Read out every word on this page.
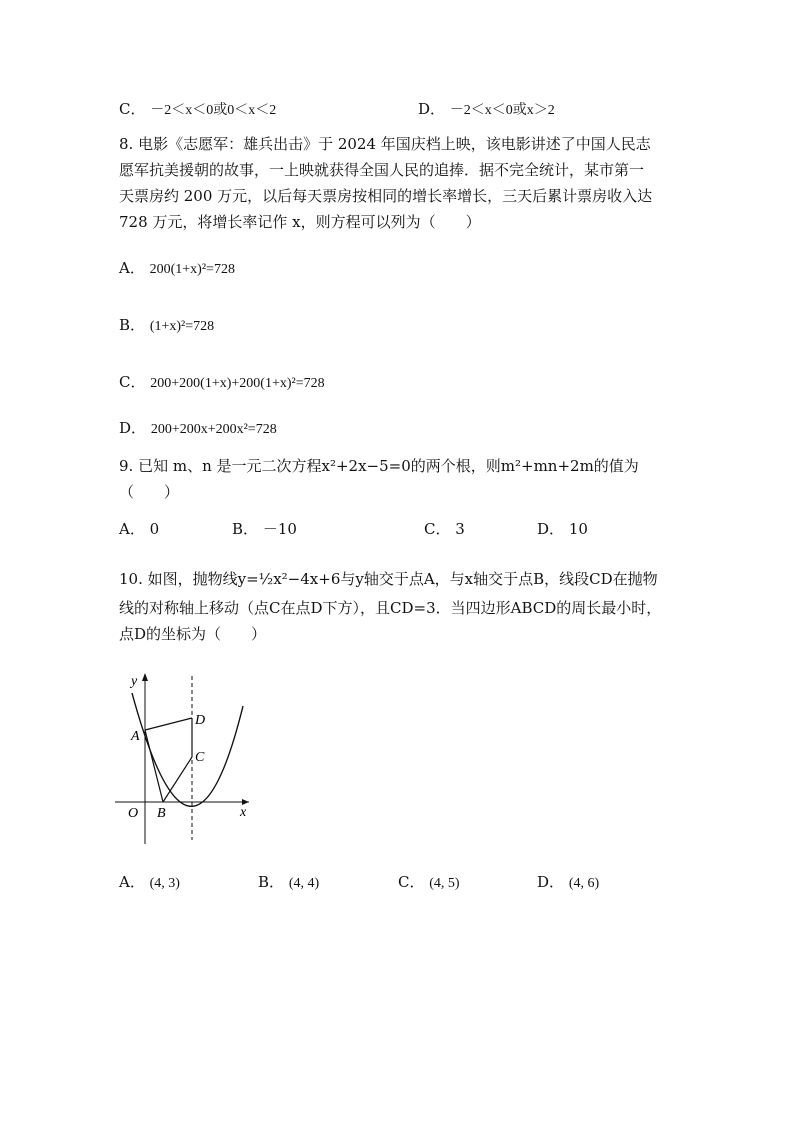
C． －2＜x＜0或0＜x＜2	D． －2＜x＜0或x＞2
8. 电影《志愿军：雄兵出击》于 2024 年国庆档上映，该电影讲述了中国人民志
愿军抗美援朝的故事，一上映就获得全国人民的追捧．据不完全统计，某市第一
天票房约 200 万元，以后每天票房按相同的增长率增长，三天后累计票房收入达
728 万元，将增长率记作 x，则方程可以列为（　　）
A． 200(1+x)²=728
B． (1+x)²=728
C． 200+200(1+x)+200(1+x)²=728
D． 200+200x+200x²=728
9. 已知 m、n 是一元二次方程x²+2x−5=0的两个根，则m²+mn+2m的值为
（　　）
A． 0	B． －10	C． 3	D． 10
10. 如图，抛物线y=½x²−4x+6与y轴交于点A，与x轴交于点B，线段CD在抛物
线的对称轴上移动（点C在点D下方），且CD=3．当四边形ABCD的周长最小时，
点D的坐标为（　　）
y
x
O
A
B
C
D
A． (4, 3)	B． (4, 4)	C． (4, 5)	D． (4, 6)
